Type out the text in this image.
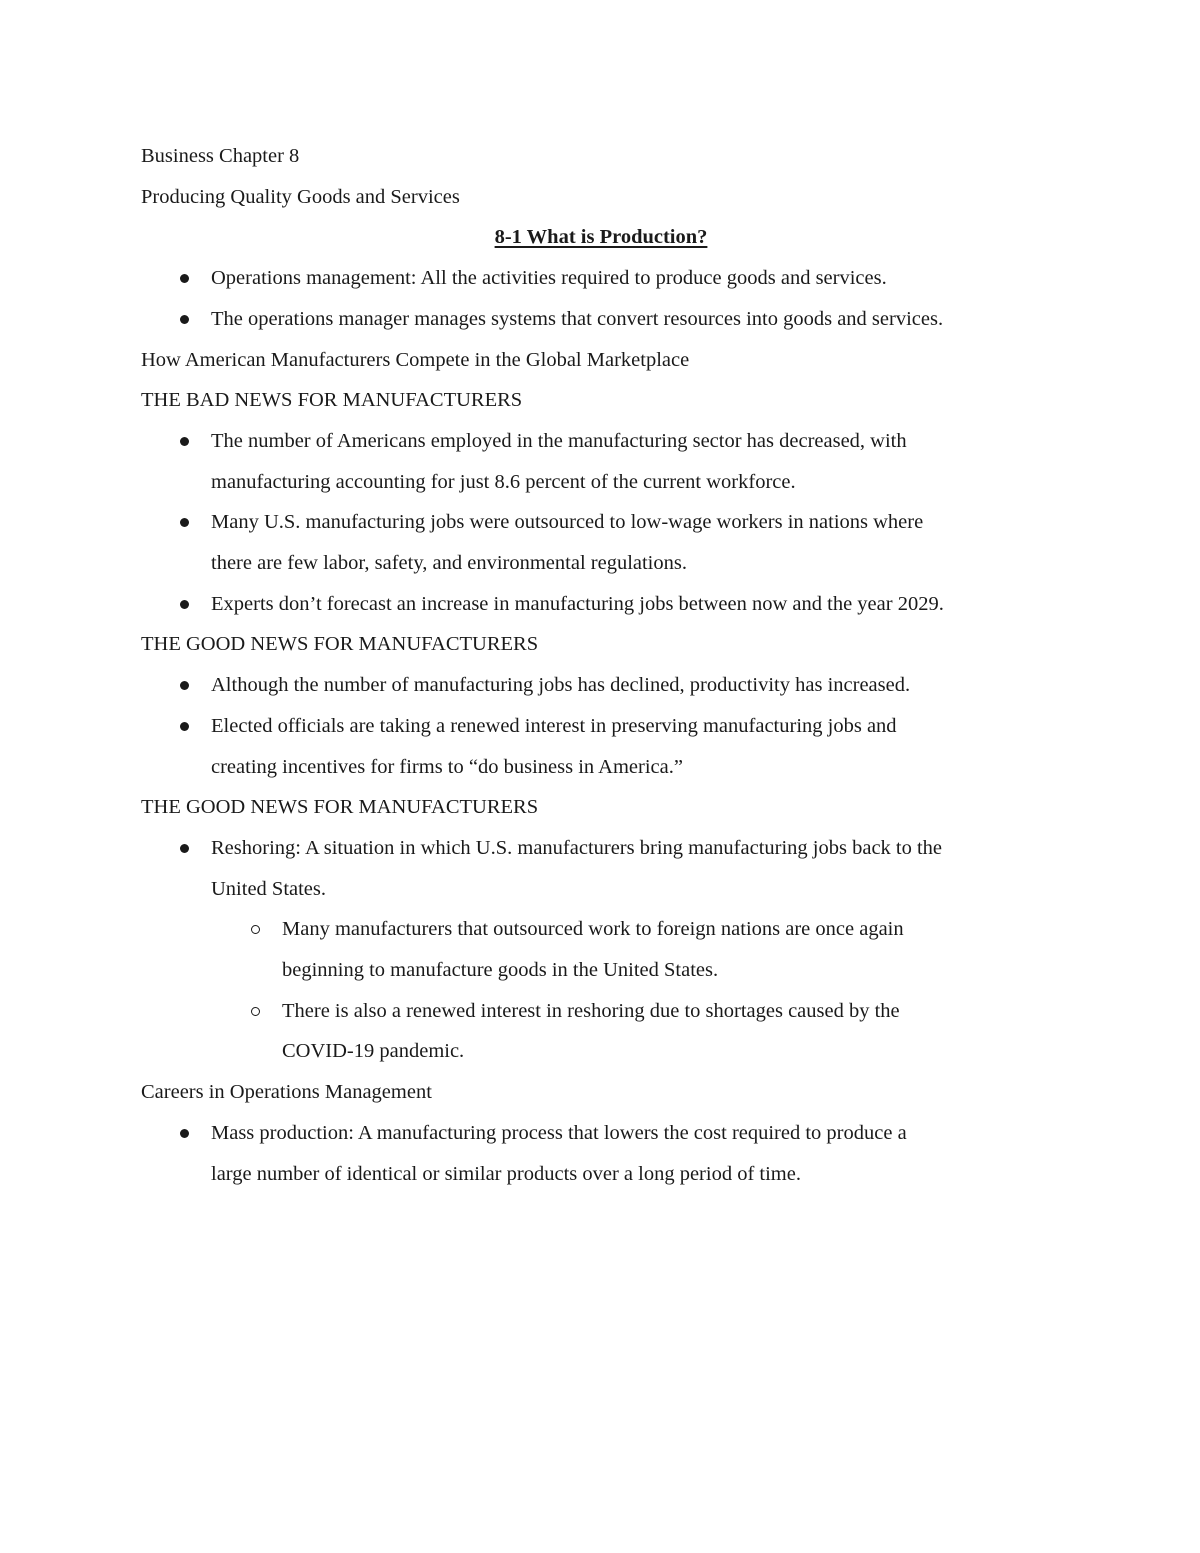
Business Chapter 8

Producing Quality Goods and Services

8-1 What is Production?

Operations management: All the activities required to produce goods and services.
The operations manager manages systems that convert resources into goods and services.

How American Manufacturers Compete in the Global Marketplace

THE BAD NEWS FOR MANUFACTURERS

The number of Americans employed in the manufacturing sector has decreased, with
manufacturing accounting for just 8.6 percent of the current workforce.
Many U.S. manufacturing jobs were outsourced to low-wage workers in nations where
there are few labor, safety, and environmental regulations.
Experts don’t forecast an increase in manufacturing jobs between now and the year 2029.

THE GOOD NEWS FOR MANUFACTURERS

Although the number of manufacturing jobs has declined, productivity has increased.
Elected officials are taking a renewed interest in preserving manufacturing jobs and
creating incentives for firms to “do business in America.”

THE GOOD NEWS FOR MANUFACTURERS

Reshoring: A situation in which U.S. manufacturers bring manufacturing jobs back to the
United States.
Many manufacturers that outsourced work to foreign nations are once again
beginning to manufacture goods in the United States.
There is also a renewed interest in reshoring due to shortages caused by the
COVID-19 pandemic.

Careers in Operations Management

Mass production: A manufacturing process that lowers the cost required to produce a
large number of identical or similar products over a long period of time.
